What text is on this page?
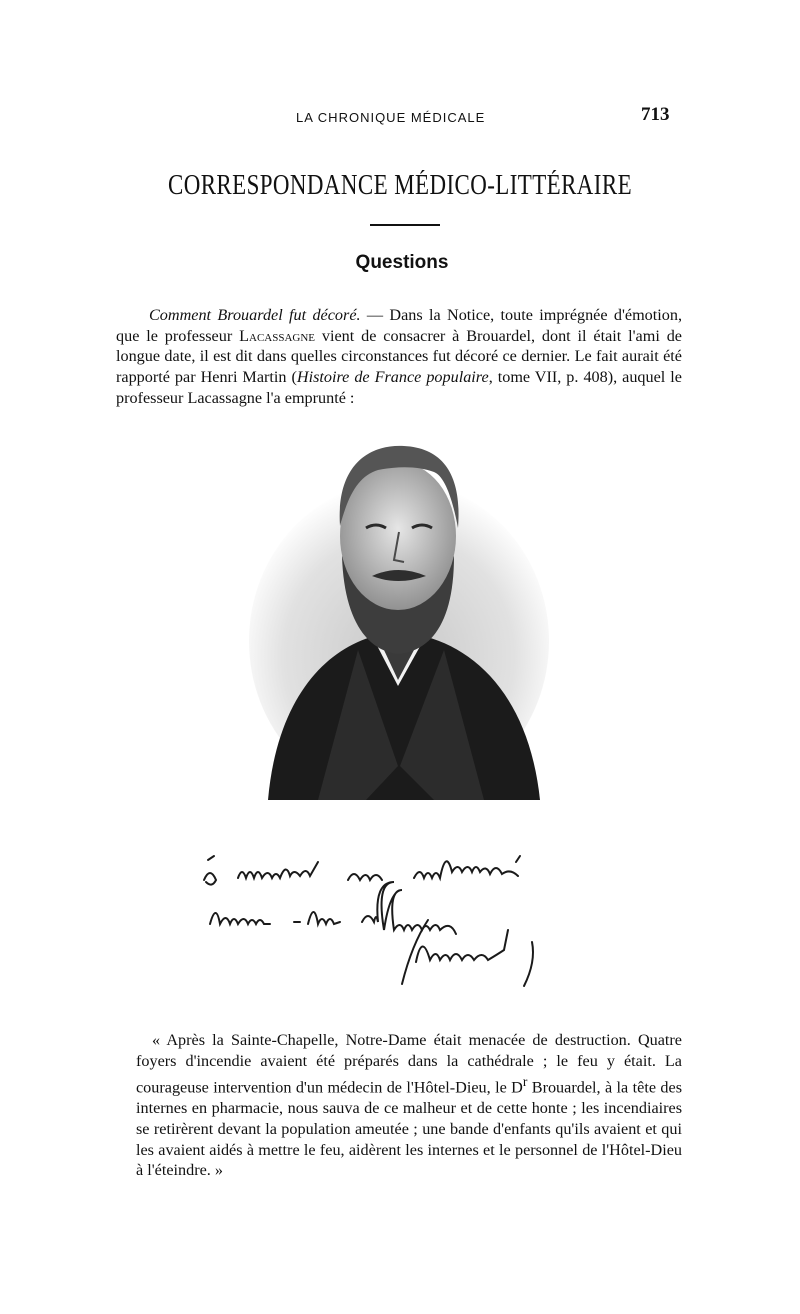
LA CHRONIQUE MÉDICALE	713
CORRESPONDANCE MÉDICO-LITTÉRAIRE
Questions

Comment Brouardel fut décoré. — Dans la Notice, toute imprégnée d'émotion, que le professeur Lacassagne vient de consacrer à Brouardel, dont il était l'ami de longue date, il est dit dans quelles circonstances fut décoré ce dernier. Le fait aurait été rapporté par Henri Martin (Histoire de France populaire, tome VII, p. 408), auquel le professeur Lacassagne l'a emprunté :

« Après la Sainte-Chapelle, Notre-Dame était menacée de destruction. Quatre foyers d'incendie avaient été préparés dans la cathédrale ; le feu y était. La courageuse intervention d'un médecin de l'Hôtel-Dieu, le $D^r$ Brouardel, à la tête des internes en pharmacie, nous sauva de ce malheur et de cette honte ; les incendiaires se retirèrent devant la population ameutée ; une bande d'enfants qu'ils avaient et qui les avaient aidés à mettre le feu, aidèrent les internes et le personnel de l'Hôtel-Dieu à l'éteindre. »
